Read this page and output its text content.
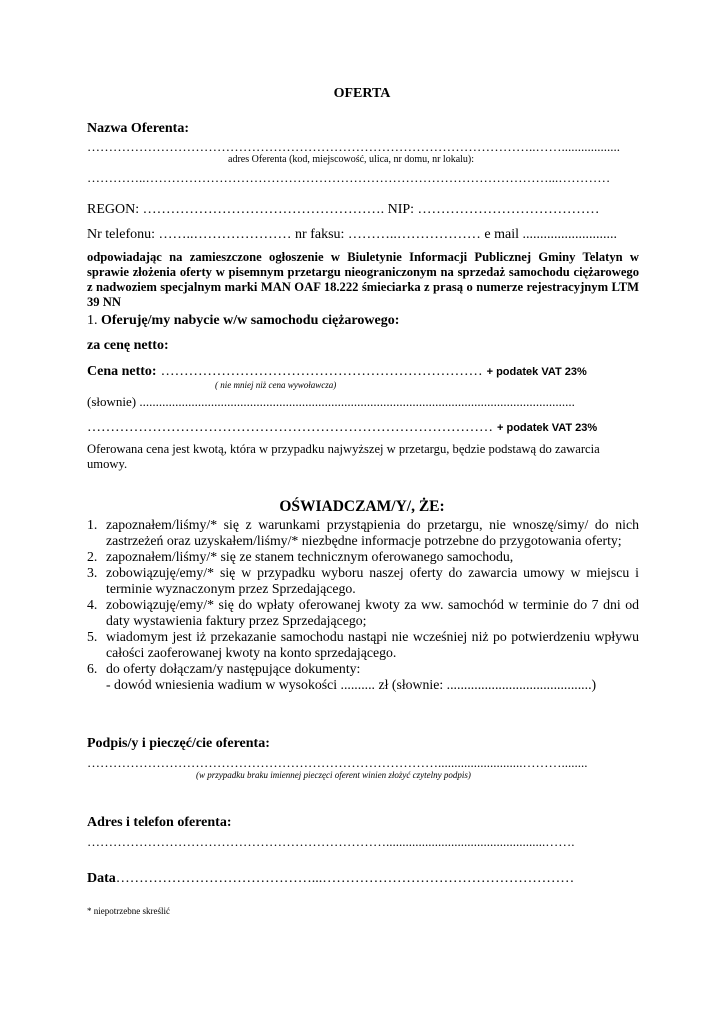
OFERTA
Nazwa Oferenta:
…………………………………………………………………………………………..……..................
adres Oferenta (kod, miejscowość, ulica, nr domu, nr lokalu):
…………..…………………………………………………………………………………...…………
REGON: ……………………………………………. NIP: …………………………………
Nr telefonu: ……..………………… nr faksu: ………..……………… e mail ...........................
odpowiadając na zamieszczone ogłoszenie w Biuletynie Informacji Publicznej Gminy Telatyn w sprawie złożenia oferty w pisemnym przetargu nieograniczonym na sprzedaż samochodu ciężarowego z nadwoziem specjalnym marki MAN OAF 18.222 śmieciarka z prasą o numerze rejestracyjnym LTM 39 NN
1. Oferuję/my nabycie w/w samochodu ciężarowego:
za cenę netto:
Cena netto: …………………………………………………………… + podatek VAT 23%
( nie mniej niż cena wywoławcza)
(słownie) ......................................................................................................................................
…………………………………………………………………………… + podatek VAT 23%
Oferowana cena jest kwotą, która w przypadku najwyższej w przetargu, będzie podstawą do zawarcia umowy.
OŚWIADCZAM/Y/, ŻE:
1. zapoznałem/liśmy/* się z warunkami przystąpienia do przetargu, nie wnoszę/simy/ do nich zastrzeżeń oraz uzyskałem/liśmy/* niezbędne informacje potrzebne do przygotowania oferty;
2. zapoznałem/liśmy/* się ze stanem technicznym oferowanego samochodu,
3. zobowiązuję/emy/* się w przypadku wyboru naszej oferty do zawarcia umowy w miejscu i terminie wyznaczonym przez Sprzedającego.
4. zobowiązuję/emy/* się do wpłaty oferowanej kwoty za ww. samochód w terminie do 7 dni od daty wystawienia faktury przez Sprzedającego;
5. wiadomym jest iż przekazanie samochodu nastąpi nie wcześniej niż po potwierdzeniu wpływu całości zaoferowanej kwoty na konto sprzedającego.
6. do oferty dołączam/y następujące dokumenty:
- dowód wniesienia wadium w wysokości .......... zł (słownie: ..........................................)
Podpis/y i pieczęć/cie oferenta:
………………………………………………………………………..........................………........
(w przypadku braku imiennej pieczęci oferent winien złożyć czytelny podpis)
Adres i telefon oferenta:
…………………………………………………………….................................................…….
Data……………………………………...………………………………………………
* niepotrzebne skreślić
